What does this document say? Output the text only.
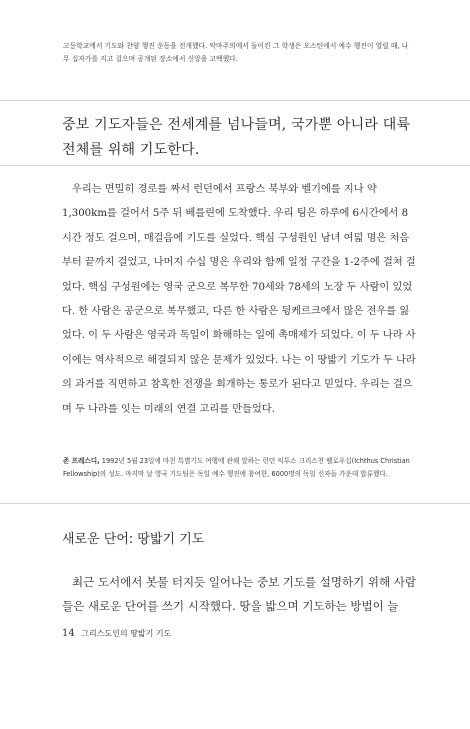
고등학교에서 기도와 찬양 행진 운동을 전개했다. 악마주의에서 돌이킨 그 학생은 오스틴에서 예수 행진이 열릴 때, 나무 십자가를 지고 걸으며 공개된 장소에서 신앙을 고백했다.
중보 기도자들은 전세계를 넘나들며, 국가뿐 아니라 대륙 전체를 위해 기도한다.

우리는 면밀히 경로를 짜서 런던에서 프랑스 북부와 벨기에를 지나 약 1,300km를 걸어서 5주 뒤 베를린에 도착했다. 우리 팀은 하루에 6시간에서 8시간 정도 걸으며, 매걸음에 기도를 실었다. 핵심 구성원인 남녀 여덟 명은 처음부터 끝까지 걸었고, 나머지 수십 명은 우리와 함께 일정 구간을 1-2주에 걸쳐 걸었다. 핵심 구성원에는 영국 군으로 복무한 70세와 78세의 노장 두 사람이 있었다. 한 사람은 공군으로 복무했고, 다른 한 사람은 뒹케르크에서 많은 전우를 잃었다. 이 두 사람은 영국과 독일이 화해하는 일에 촉매제가 되었다. 이 두 나라 사이에는 역사적으로 해결되지 않은 문제가 있었다. 나는 이 땅밟기 기도가 두 나라의 과거를 직면하고 참혹한 전쟁을 회개하는 통로가 된다고 믿었다. 우리는 걸으며 두 나라를 잇는 미래의 연결 고리를 만들었다.

존 프레스디, 1992년 5월 23일에 마친 특별기도 여행에 관해 말하는 런던 익투스 크리스천 펠로우십(Ichthus Christian Fellowship)의 성도. 마지막 날 영국 기도팀은 독일 예수 행진에 참여한, 6000명의 독일 신자들 가운데 합류했다.
새로운 단어: 땅밟기 기도

최근 도서에서 봇물 터지듯 일어나는 중보 기도를 설명하기 위해 사람들은 새로운 단어를 쓰기 시작했다. 땅을 밟으며 기도하는 방법이 늘

14 그리스도인의 땅밟기 기도
